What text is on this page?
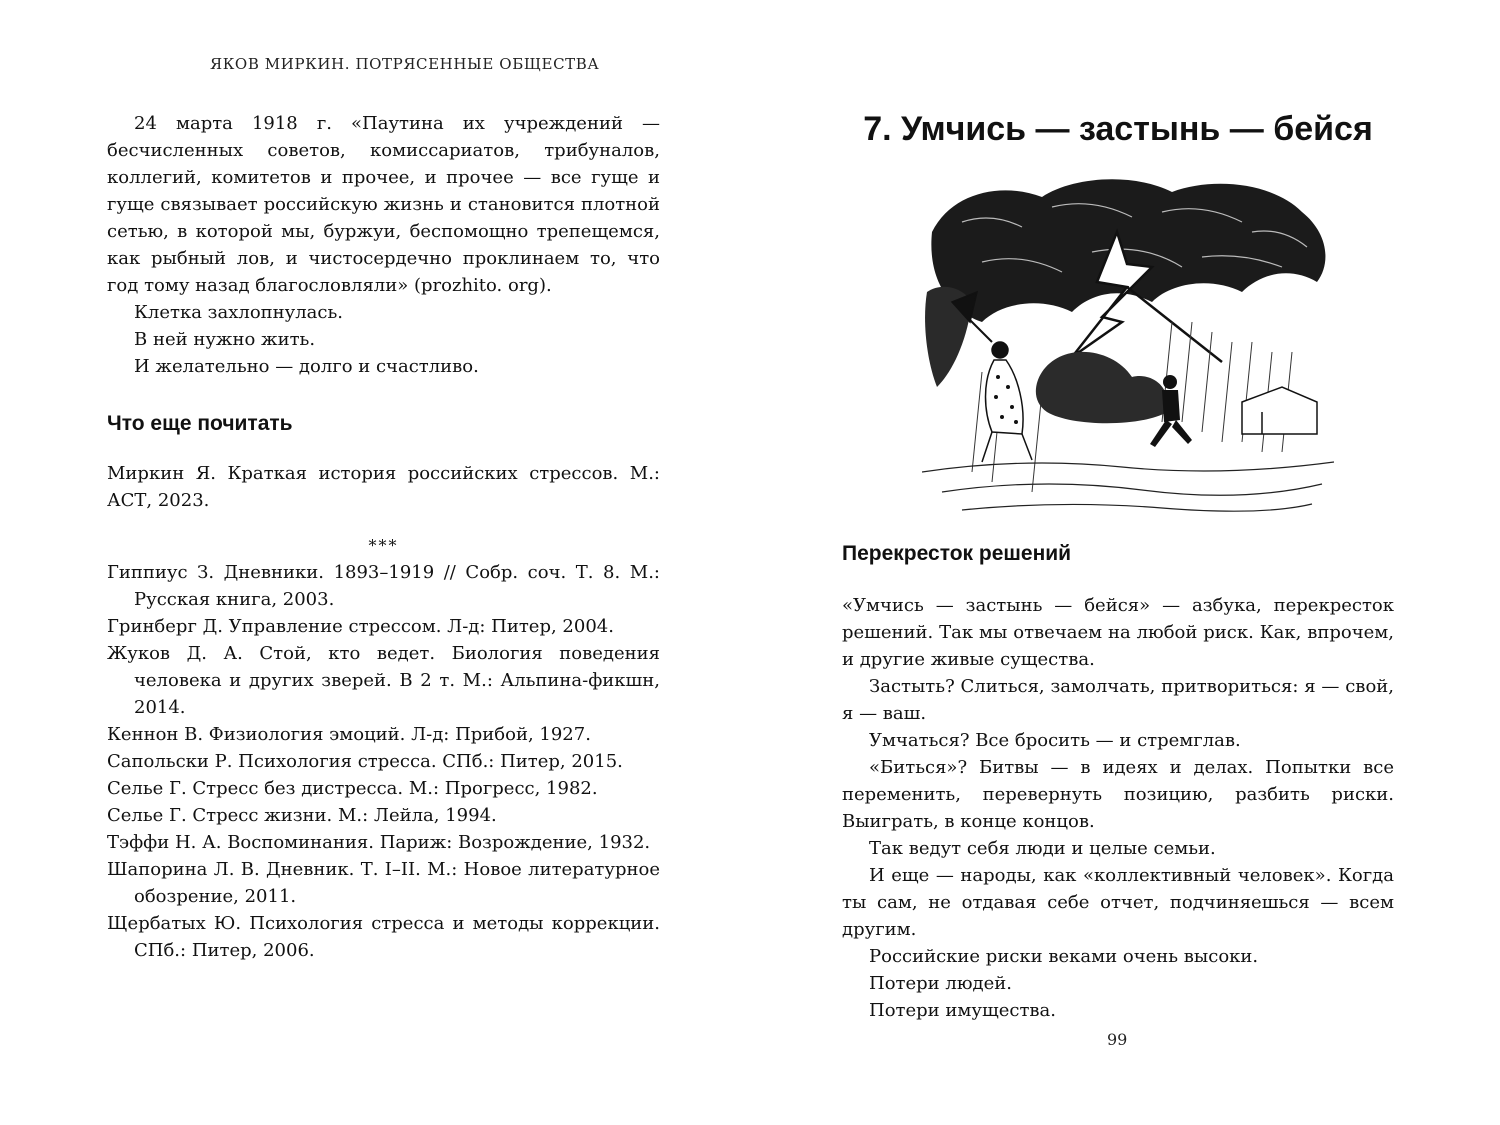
ЯКОВ МИРКИН. ПОТРЯСЕННЫЕ ОБЩЕСТВА

24 марта 1918 г. «Паутина их учреждений — бесчисленных советов, комиссариатов, трибуналов, коллегий, комитетов и прочее, и прочее — все гуще и гуще связывает российскую жизнь и становится плотной сетью, в которой мы, буржуи, беспомощно трепещемся, как рыбный лов, и чистосердечно проклинаем то, что год тому назад благословляли» (prozhito. org).

Клетка захлопнулась.

В ней нужно жить.

И желательно — долго и счастливо.

Что еще почитать

Миркин Я. Краткая история российских стрессов. М.: АСТ, 2023.

***

Гиппиус З. Дневники. 1893–1919 // Собр. соч. Т. 8. М.: Русская книга, 2003.

Гринберг Д. Управление стрессом. Л-д: Питер, 2004.

Жуков Д. А. Стой, кто ведет. Биология поведения человека и других зверей. В 2 т. М.: Альпина-фикшн, 2014.

Кеннон В. Физиология эмоций. Л-д: Прибой, 1927.

Сапольски Р. Психология стресса. СПб.: Питер, 2015.

Селье Г. Стресс без дистресса. М.: Прогресс, 1982.

Селье Г. Стресс жизни. М.: Лейла, 1994.

Тэффи Н. А. Воспоминания. Париж: Возрождение, 1932.

Шапорина Л. В. Дневник. Т. I–II. М.: Новое литературное обозрение, 2011.

Щербатых Ю. Психология стресса и методы коррекции. СПб.: Питер, 2006.

7. Умчись — застынь — бейся
Перекресток решений

«Умчись — застынь — бейся» — азбука, перекресток решений. Так мы отвечаем на любой риск. Как, впрочем, и другие живые существа.

Застыть? Слиться, замолчать, притвориться: я — свой, я — ваш.

Умчаться? Все бросить — и стремглав.

«Биться»? Битвы — в идеях и делах. Попытки все переменить, перевернуть позицию, разбить риски. Выиграть, в конце концов.

Так ведут себя люди и целые семьи.

И еще — народы, как «коллективный человек». Когда ты сам, не отдавая себе отчет, подчиняешься — всем другим.

Российские риски веками очень высоки.

Потери людей.

Потери имущества.

99
